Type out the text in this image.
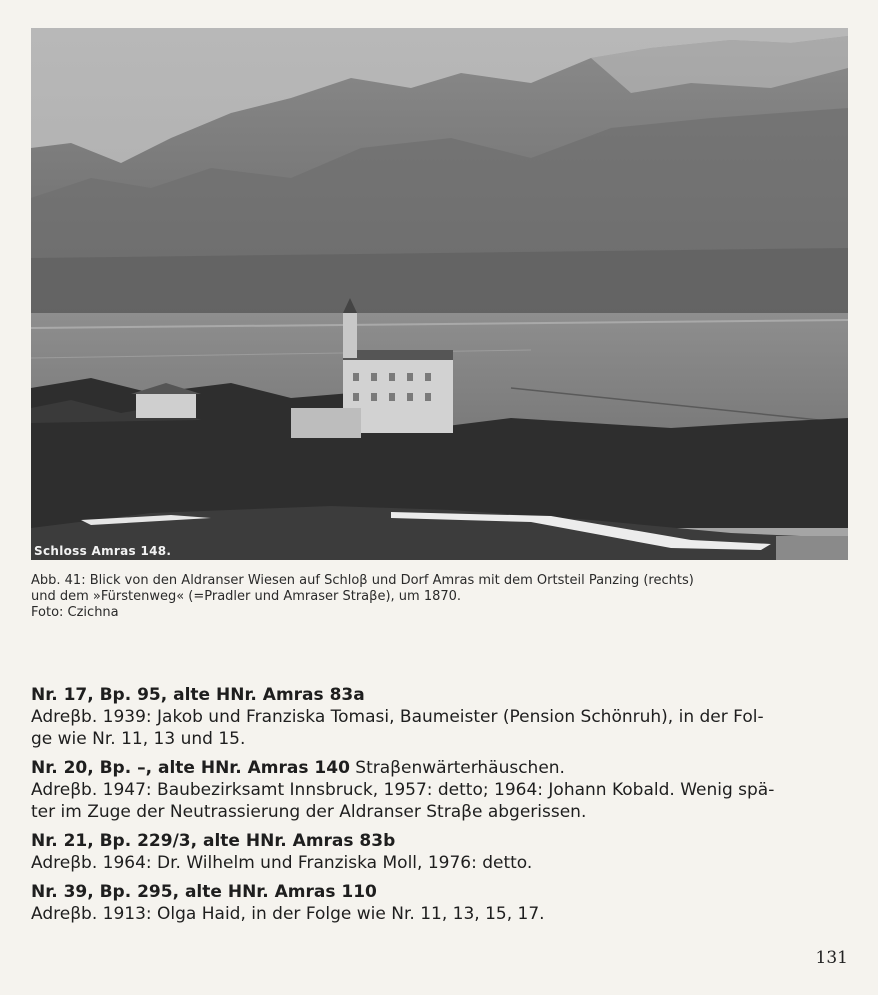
Schloss Amras 148.
Abb. 41: Blick von den Aldranser Wiesen auf Schloβ und Dorf Amras mit dem Ortsteil Panzing (rechts)
und dem »Fürstenweg« (=Pradler und Amraser Straβe), um 1870.
Foto: Czichna
Nr. 17, Bp. 95, alte HNr. Amras 83a
Adreβb. 1939: Jakob und Franziska Tomasi, Baumeister (Pension Schönruh), in der Fol-
ge wie Nr. 11, 13 und 15.
Nr. 20, Bp. –, alte HNr. Amras 140 Straβenwärterhäuschen.
Adreβb. 1947: Baubezirksamt Innsbruck, 1957: detto; 1964: Johann Kobald. Wenig spä-
ter im Zuge der Neutrassierung der Aldranser Straβe abgerissen.
Nr. 21, Bp. 229/3, alte HNr. Amras 83b
Adreβb. 1964: Dr. Wilhelm und Franziska Moll, 1976: detto.
Nr. 39, Bp. 295, alte HNr. Amras 110
Adreβb. 1913: Olga Haid, in der Folge wie Nr. 11, 13, 15, 17.
131
